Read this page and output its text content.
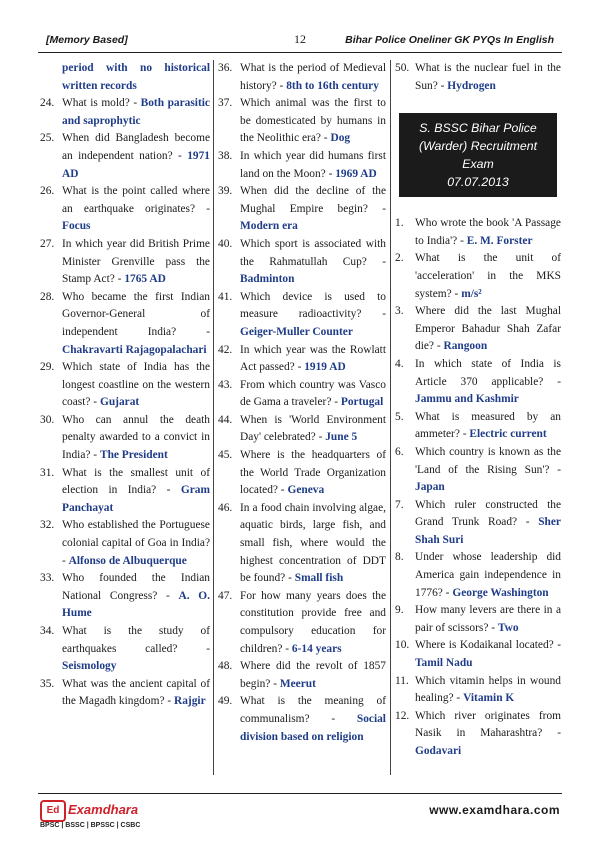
[Memory Based]	12	Bihar Police Oneliner GK PYQs In English
period with no historical written records
24. What is mold? - Both parasitic and saprophytic
25. When did Bangladesh become an independent nation? - 1971 AD
26. What is the point called where an earthquake originates? - Focus
27. In which year did British Prime Minister Grenville pass the Stamp Act? - 1765 AD
28. Who became the first Indian Governor-General of independent India? - Chakravarti Rajagopalachari
29. Which state of India has the longest coastline on the western coast? - Gujarat
30. Who can annul the death penalty awarded to a convict in India? - The President
31. What is the smallest unit of election in India? - Gram Panchayat
32. Who established the Portuguese colonial capital of Goa in India? - Alfonso de Albuquerque
33. Who founded the Indian National Congress? - A. O. Hume
34. What is the study of earthquakes called? - Seismology
35. What was the ancient capital of the Magadh kingdom? - Rajgir
36. What is the period of Medieval history? - 8th to 16th century
37. Which animal was the first to be domesticated by humans in the Neolithic era? - Dog
38. In which year did humans first land on the Moon? - 1969 AD
39. When did the decline of the Mughal Empire begin? - Modern era
40. Which sport is associated with the Rahmatullah Cup? - Badminton
41. Which device is used to measure radioactivity? - Geiger-Muller Counter
42. In which year was the Rowlatt Act passed? - 1919 AD
43. From which country was Vasco de Gama a traveler? - Portugal
44. When is 'World Environment Day' celebrated? - June 5
45. Where is the headquarters of the World Trade Organization located? - Geneva
46. In a food chain involving algae, aquatic birds, large fish, and small fish, where would the highest concentration of DDT be found? - Small fish
47. For how many years does the constitution provide free and compulsory education for children? - 6-14 years
48. Where did the revolt of 1857 begin? - Meerut
49. What is the meaning of communalism? - Social division based on religion
50. What is the nuclear fuel in the Sun? - Hydrogen
S. BSSC Bihar Police
(Warder) Recruitment Exam
07.07.2013
1.	Who wrote the book 'A Passage to India'? - E. M. Forster
2.	What is the unit of 'acceleration' in the MKS system? - m/s²
3.	Where did the last Mughal Emperor Bahadur Shah Zafar die? - Rangoon
4.	In which state of India is Article 370 applicable? - Jammu and Kashmir
5.	What is measured by an ammeter? - Electric current
6.	Which country is known as the 'Land of the Rising Sun'? - Japan
7.	Which ruler constructed the Grand Trunk Road? - Sher Shah Suri
8.	Under whose leadership did America gain independence in 1776? - George Washington
9.	How many levers are there in a pair of scissors? - Two
10. Where is Kodaikanal located? - Tamil Nadu
11. Which vitamin helps in wound healing? - Vitamin K
12. Which river originates from Nasik in Maharashtra? - Godavari
Ed Examdhara
BPSC | BSSC | BPSSC | CSBC
www.examdhara.com
